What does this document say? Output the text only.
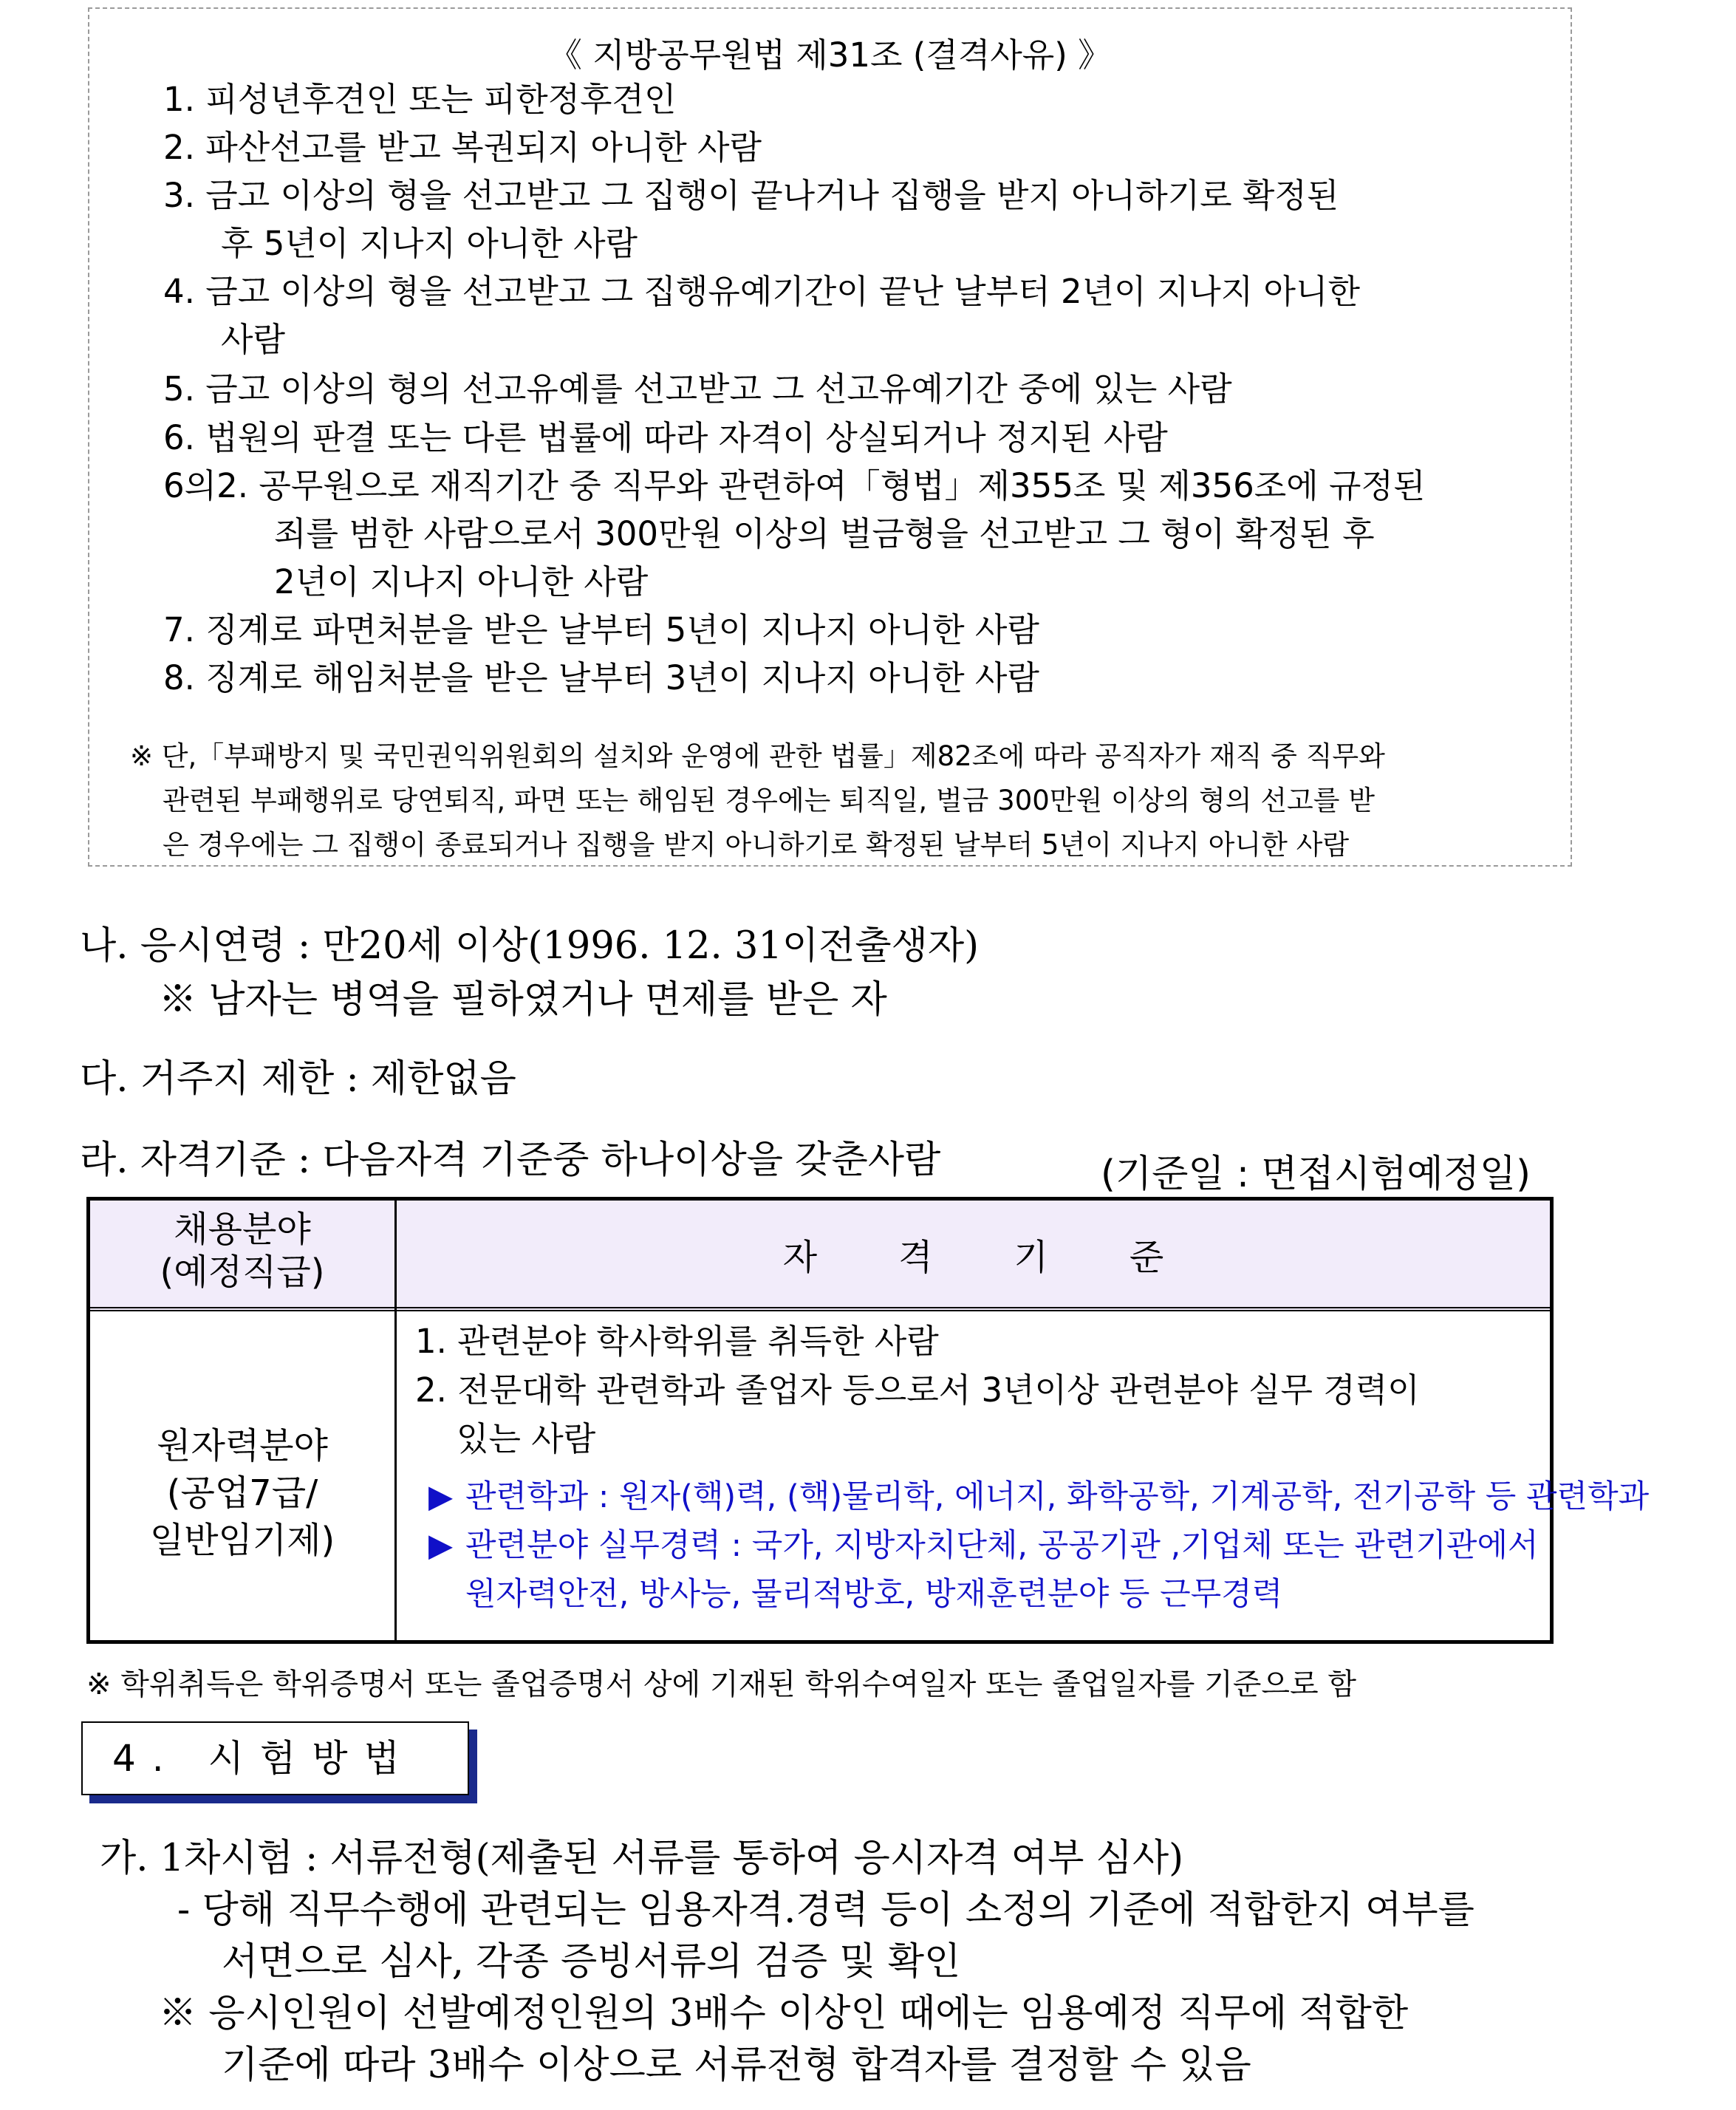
《 지방공무원법 제31조 (결격사유) 》
1. 피성년후견인 또는 피한정후견인
2. 파산선고를 받고 복권되지 아니한 사람
3. 금고 이상의 형을 선고받고 그 집행이 끝나거나 집행을 받지 아니하기로 확정된
후 5년이 지나지 아니한 사람
4. 금고 이상의 형을 선고받고 그 집행유예기간이 끝난 날부터 2년이 지나지 아니한
사람
5. 금고 이상의 형의 선고유예를 선고받고 그 선고유예기간 중에 있는 사람
6. 법원의 판결 또는 다른 법률에 따라 자격이 상실되거나 정지된 사람
6의2. 공무원으로 재직기간 중 직무와 관련하여「형법」제355조 및 제356조에 규정된
죄를 범한 사람으로서 300만원 이상의 벌금형을 선고받고 그 형이 확정된 후
2년이 지나지 아니한 사람
7. 징계로 파면처분을 받은 날부터 5년이 지나지 아니한 사람
8. 징계로 해임처분을 받은 날부터 3년이 지나지 아니한 사람
※ 단,「부패방지 및 국민권익위원회의 설치와 운영에 관한 법률」제82조에 따라 공직자가 재직 중 직무와
관련된 부패행위로 당연퇴직, 파면 또는 해임된 경우에는 퇴직일, 벌금 300만원 이상의 형의 선고를 받
은 경우에는 그 집행이 종료되거나 집행을 받지 아니하기로 확정된 날부터 5년이 지나지 아니한 사람
나. 응시연령 : 만20세 이상(1996. 12. 31이전출생자)
※ 남자는 병역을 필하였거나 면제를 받은 자
다. 거주지 제한 : 제한없음
라. 자격기준 : 다음자격 기준중 하나이상을 갖춘사람	(기준일 : 면접시험예정일)
채용분야
(예정직급)	자 격 기 준
원자력분야
(공업7급/
일반임기제)
1. 관련분야 학사학위를 취득한 사람
2. 전문대학 관련학과 졸업자 등으로서 3년이상 관련분야 실무 경력이
있는 사람
▶ 관련학과 : 원자(핵)력, (핵)물리학, 에너지, 화학공학, 기계공학, 전기공학 등 관련학과
▶ 관련분야 실무경력 : 국가, 지방자치단체, 공공기관 ,기업체 또는 관련기관에서
원자력안전, 방사능, 물리적방호, 방재훈련분야 등 근무경력
※ 학위취득은 학위증명서 또는 졸업증명서 상에 기재된 학위수여일자 또는 졸업일자를 기준으로 함
4. 시험방법
가. 1차시험 : 서류전형(제출된 서류를 통하여 응시자격 여부 심사)
- 당해 직무수행에 관련되는 임용자격.경력 등이 소정의 기준에 적합한지 여부를
서면으로 심사, 각종 증빙서류의 검증 및 확인
※ 응시인원이 선발예정인원의 3배수 이상인 때에는 임용예정 직무에 적합한
기준에 따라 3배수 이상으로 서류전형 합격자를 결정할 수 있음
